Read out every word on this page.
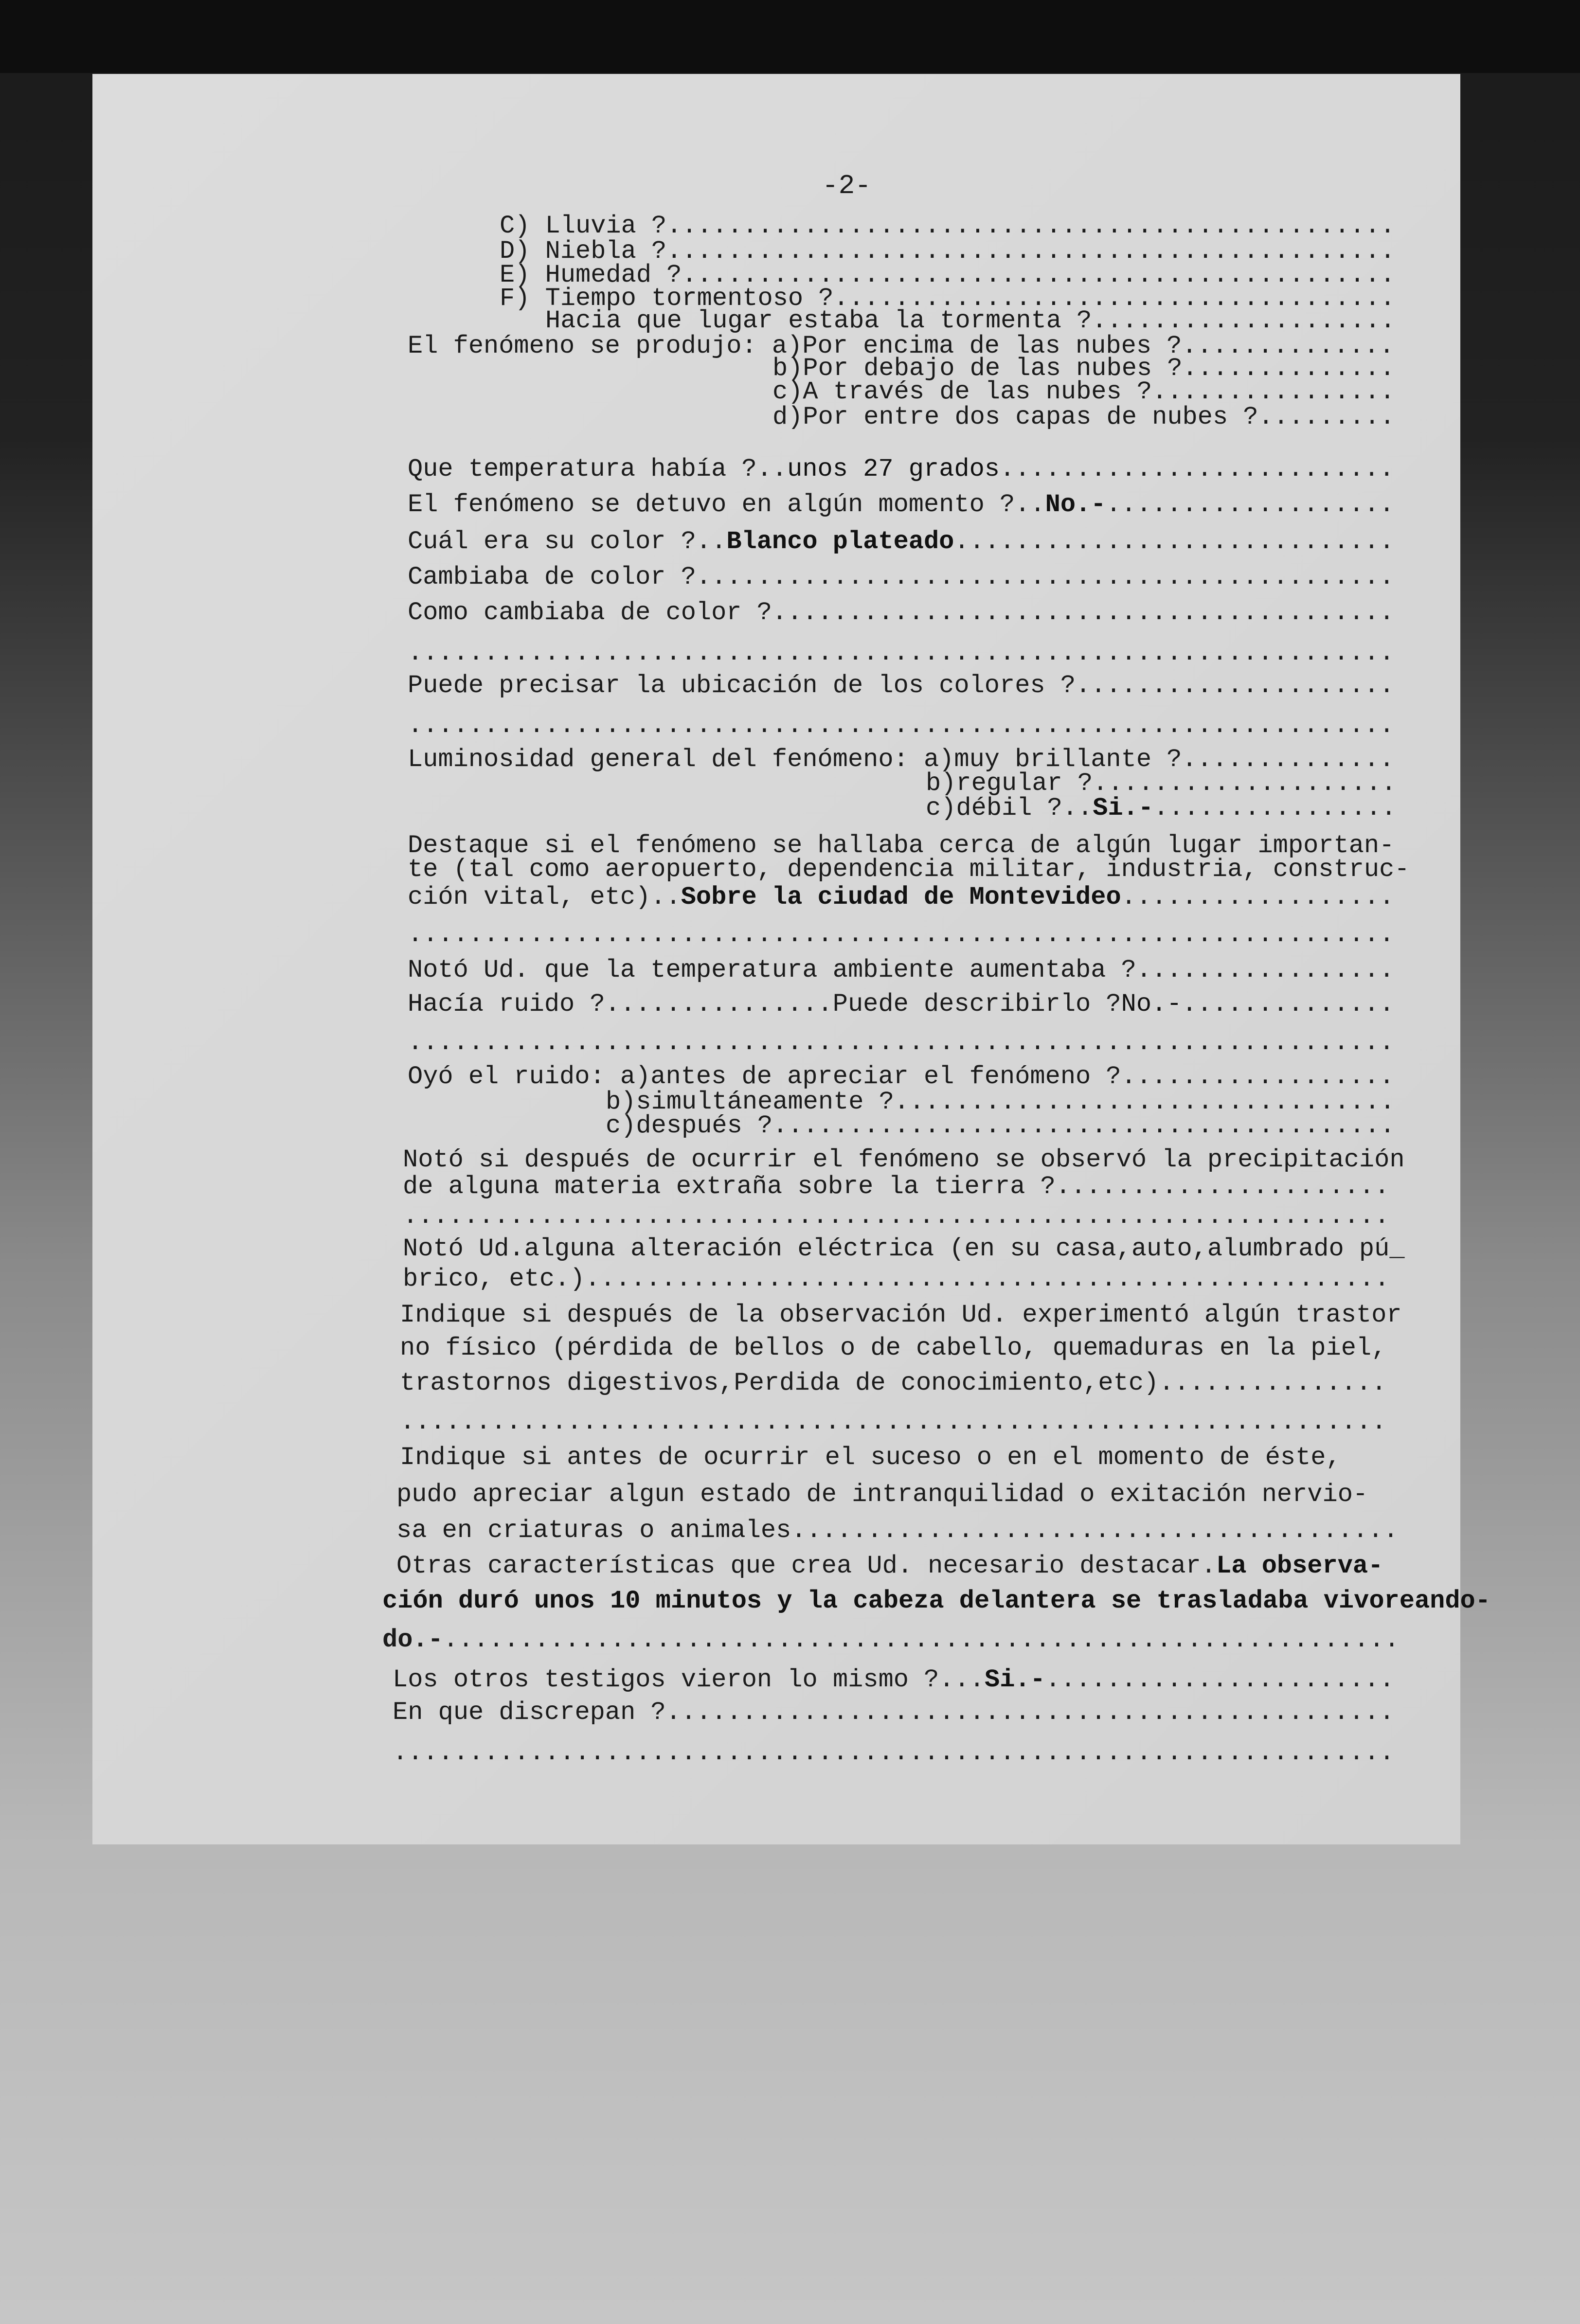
-2-
C) Lluvia ?
.....
D) Niebla ?
.....
E) Humedad ?
.....
F) Tiempo tormentoso ?
.....
Hacia que lugar estaba la tormenta ?
.....
El fenómeno se produjo: a)Por encima de las nubes ?
.....
b)Por debajo de las nubes ?
.....
c)A través de las nubes ?
.....
d)Por entre dos capas de nubes ?
.....
Que temperatura había ?.. unos 27 grados
.....
El fenómeno se detuvo en algún momento ?.. No.-
.....
Cuál era su color ?.. Blanco plateado
.....
Cambiaba de color ?
.....
Como cambiaba de color ?
.....
.....
Puede precisar la ubicación de los colores ?
.....
.....
Luminosidad general del fenómeno: a)muy brillante ?
.....
b)regular ?
.....
c)débil ?.. Si.-
.....
Destaque si el fenómeno se hallaba cerca de algún lugar importan-
te (tal como aeropuerto, dependencia militar, industria, construc-
ción vital, etc).. Sobre la ciudad de Montevideo
.....
.....
Notó Ud. que la temperatura ambiente aumentaba ?
.....
Hacía ruido ?...............Puede describirlo ? No.-
.....
.....
Oyó el ruido: a)antes de apreciar el fenómeno ?
.....
b)simultáneamente ?
.....
c)después ?
.....
Notó si después de ocurrir el fenómeno se observó la precipitación
de alguna materia extraña sobre la tierra ?
.....
.....
Notó Ud.alguna alteración eléctrica (en su casa,auto,alumbrado pú_
brico, etc.)
.....
Indique si después de la observación Ud. experimentó algún trastor
no físico (pérdida de bellos o de cabello, quemaduras en la piel,
trastornos digestivos,Perdida de conocimiento,etc)
.....
.....
Indique si antes de ocurrir el suceso o en el momento de éste,
pudo apreciar algun estado de intranquilidad o exitación nervio-
sa en criaturas o animales
.....
Otras características que crea Ud. necesario destacar. La observa-
ción duró unos 10 minutos y la cabeza delantera se trasladaba vivoreando-
do.-
.....
Los otros testigos vieron lo mismo ?... Si.-
.....
En que discrepan ?
.....
.....
